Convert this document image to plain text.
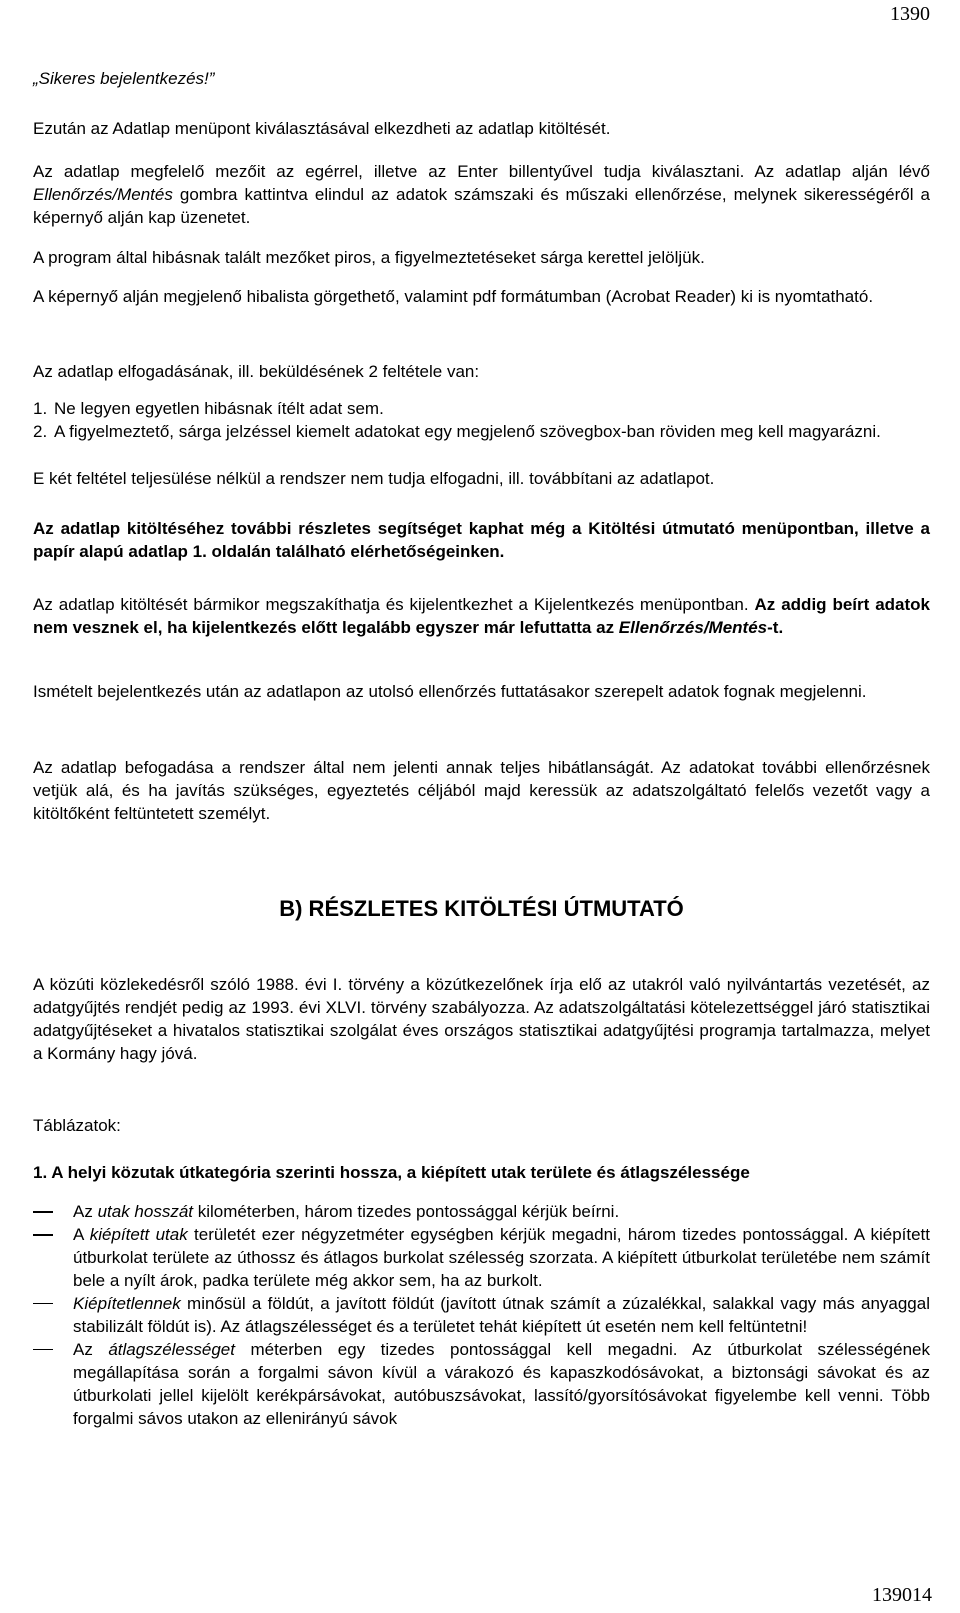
1390
„Sikeres bejelentkezés!”
Ezután az Adatlap menüpont kiválasztásával elkezdheti az adatlap kitöltését.
Az adatlap megfelelő mezőit az egérrel, illetve az Enter billentyűvel tudja kiválasztani. Az adatlap alján lévő Ellenőrzés/Mentés gombra kattintva elindul az adatok számszaki és műszaki ellenőrzése, melynek sikerességéről a képernyő alján kap üzenetet.
A program által hibásnak talált mezőket piros, a figyelmeztetéseket sárga kerettel jelöljük.
A képernyő alján megjelenő hibalista görgethető, valamint pdf formátumban (Acrobat Reader) ki is nyomtatható.
Az adatlap elfogadásának, ill. beküldésének 2 feltétele van:
1. Ne legyen egyetlen hibásnak ítélt adat sem.
2. A figyelmeztető, sárga jelzéssel kiemelt adatokat egy megjelenő szövegbox-ban röviden meg kell magyarázni.
E két feltétel teljesülése nélkül a rendszer nem tudja elfogadni, ill. továbbítani az adatlapot.
Az adatlap kitöltéséhez további részletes segítséget kaphat még a Kitöltési útmutató menüpontban, illetve a papír alapú adatlap 1. oldalán található elérhetőségeinken.
Az adatlap kitöltését bármikor megszakíthatja és kijelentkezhet a Kijelentkezés menüpontban. Az addig beírt adatok nem vesznek el, ha kijelentkezés előtt legalább egyszer már lefuttatta az Ellenőrzés/Mentés-t.
Ismételt bejelentkezés után az adatlapon az utolsó ellenőrzés futtatásakor szerepelt adatok fognak megjelenni.
Az adatlap befogadása a rendszer által nem jelenti annak teljes hibátlanságát. Az adatokat további ellenőrzésnek vetjük alá, és ha javítás szükséges, egyeztetés céljából majd keressük az adatszolgáltató felelős vezetőt vagy a kitöltőként feltüntetett személyt.
B) RÉSZLETES KITÖLTÉSI ÚTMUTATÓ
A közúti közlekedésről szóló 1988. évi I. törvény a közútkezelőnek írja elő az utakról való nyilvántartás vezetését, az adatgyűjtés rendjét pedig az 1993. évi XLVI. törvény szabályozza. Az adatszolgáltatási kötelezettséggel járó statisztikai adatgyűjtéseket a hivatalos statisztikai szolgálat éves országos statisztikai adatgyűjtési programja tartalmazza, melyet a Kormány hagy jóvá.
Táblázatok:
1. A helyi közutak útkategória szerinti hossza, a kiépített utak területe és átlagszélessége
Az utak hosszát kilométerben, három tizedes pontossággal kérjük beírni.
A kiépített utak területét ezer négyzetméter egységben kérjük megadni, három tizedes pontossággal. A kiépített útburkolat területe az úthossz és átlagos burkolat szélesség szorzata. A kiépített útburkolat területébe nem számít bele a nyílt árok, padka területe még akkor sem, ha az burkolt.
Kiépítetlennek minősül a földút, a javított földút (javított útnak számít a zúzalékkal, salakkal vagy más anyaggal stabilizált földút is). Az átlagszélességet és a területet tehát kiépített út esetén nem kell feltüntetni!
Az átlagszélességet méterben egy tizedes pontossággal kell megadni. Az útburkolat szélességének megállapítása során a forgalmi sávon kívül a várakozó és kapaszkodósávokat, a biztonsági sávokat és az útburkolati jellel kijelölt kerékpársávokat, autóbuszsávokat, lassító/gyorsítósávokat figyelembe kell venni. Több forgalmi sávos utakon az ellenirányú sávok
139014
